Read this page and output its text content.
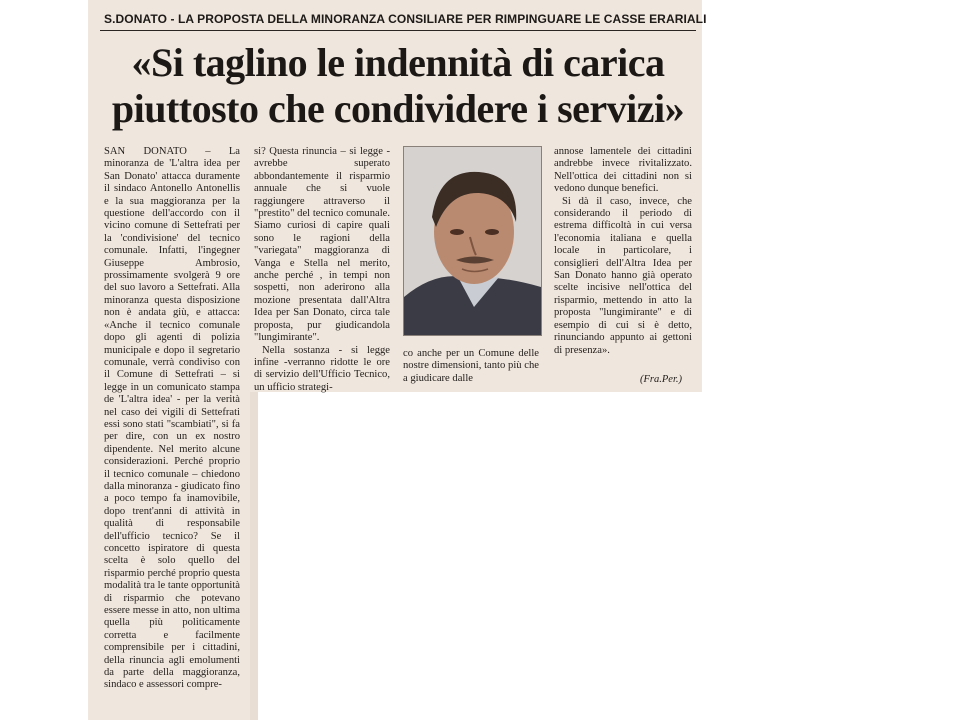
S.DONATO - LA PROPOSTA DELLA MINORANZA CONSILIARE PER RIMPINGUARE LE CASSE ERARIALI
«Si taglino le indennità di carica
piuttosto che condividere i servizi»

SAN DONATO – La minoranza de 'L'altra idea per San Donato' attacca duramente il sindaco Antonello Antonellis e la sua maggioranza per la questione dell'accordo con il vicino comune di Settefrati per la 'condivisione' del tecnico comunale. Infatti, l'ingegner Giuseppe Ambrosio, prossimamente svolgerà 9 ore del suo lavoro a Settefrati. Alla minoranza questa disposizione non è andata giù, e attacca: «Anche il tecnico comunale dopo gli agenti di polizia municipale e dopo il segretario comunale, verrà condiviso con il Comune di Settefrati – si legge in un comunicato stampa de 'L'altra idea' - per la verità nel caso dei vigili di Settefrati essi sono stati "scambiati", si fa per dire, con un ex nostro dipendente. Nel merito alcune considerazioni. Perché proprio il tecnico comunale – chiedono dalla minoranza - giudicato fino a poco tempo fa inamovibile, dopo trent'anni di attività in qualità di responsabile dell'ufficio tecnico? Se il concetto ispiratore di questa scelta è solo quello del risparmio perché proprio questa modalità tra le tante opportunità di risparmio che potevano essere messe in atto, non ultima quella più politicamente corretta e facilmente comprensibile per i cittadini, della rinuncia agli emolumenti da parte della maggioranza, sindaco e assessori compre-

si? Questa rinuncia – si legge - avrebbe superato abbondantemente il risparmio annuale che si vuole raggiungere attraverso il "prestito" del tecnico comunale. Siamo curiosi di capire quali sono le ragioni della "variegata" maggioranza di Vanga e Stella nel merito, anche perché , in tempi non sospetti, non aderirono alla mozione presentata dall'Altra Idea per San Donato, circa tale proposta, pur giudicandola "lungimirante".

Nella sostanza - si legge infine -verranno ridotte le ore di servizio dell'Ufficio Tecnico, un ufficio strategi-

co anche per un Comune delle nostre dimensioni, tanto più che a giudicare dalle

annose lamentele dei cittadini andrebbe invece rivitalizzato. Nell'ottica dei cittadini non si vedono dunque benefici.

Si dà il caso, invece, che considerando il periodo di estrema difficoltà in cui versa l'economia italiana e quella locale in particolare, i consiglieri dell'Altra Idea per San Donato hanno già operato scelte incisive nell'ottica del risparmio, mettendo in atto la proposta "lungimirante" e di esempio di cui si è detto, rinunciando appunto ai gettoni di presenza».

(Fra.Per.)
